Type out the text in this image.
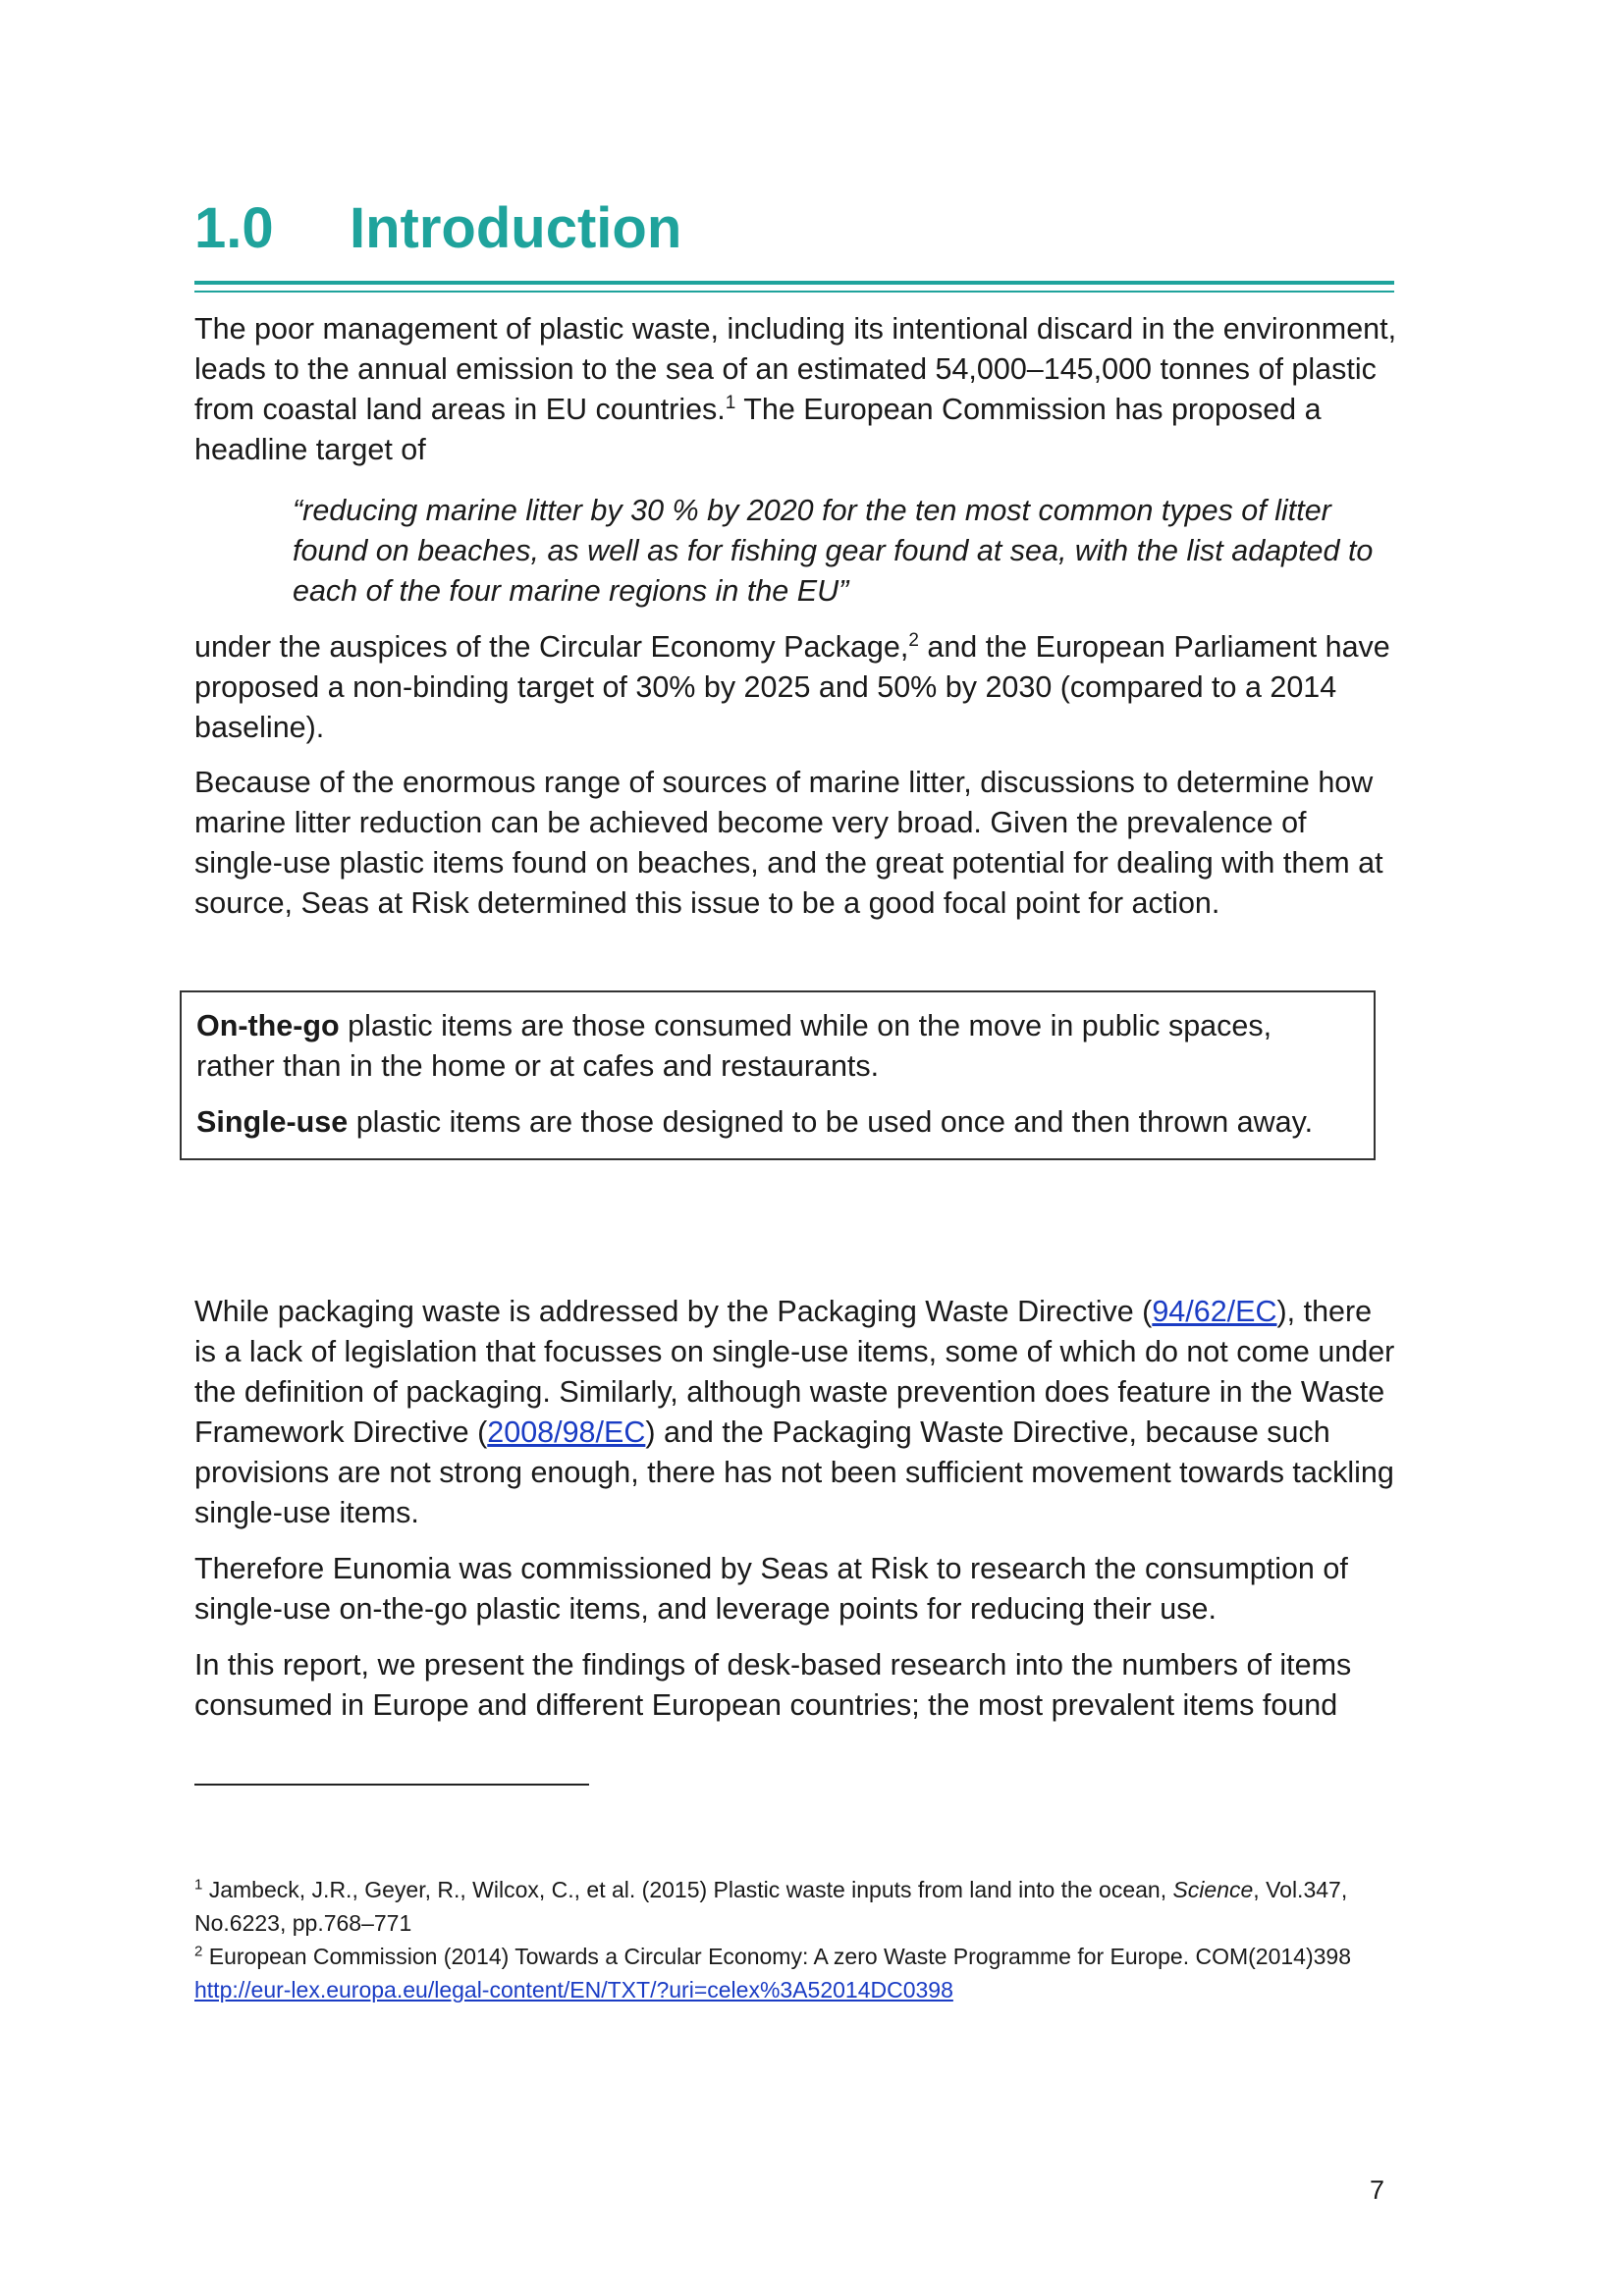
1.0 Introduction

The poor management of plastic waste, including its intentional discard in the environment, leads to the annual emission to the sea of an estimated 54,000–145,000 tonnes of plastic from coastal land areas in EU countries.$^1$ The European Commission has proposed a headline target of

“reducing marine litter by 30 % by 2020 for the ten most common types of litter found on beaches, as well as for fishing gear found at sea, with the list adapted to each of the four marine regions in the EU”

under the auspices of the Circular Economy Package,$^2$ and the European Parliament have proposed a non-binding target of 30% by 2025 and 50% by 2030 (compared to a 2014 baseline).

Because of the enormous range of sources of marine litter, discussions to determine how marine litter reduction can be achieved become very broad. Given the prevalence of single-use plastic items found on beaches, and the great potential for dealing with them at source, Seas at Risk determined this issue to be a good focal point for action.

On-the-go plastic items are those consumed while on the move in public spaces, rather than in the home or at cafes and restaurants.

Single-use plastic items are those designed to be used once and then thrown away.

While packaging waste is addressed by the Packaging Waste Directive (94/62/EC), there is a lack of legislation that focusses on single-use items, some of which do not come under the definition of packaging. Similarly, although waste prevention does feature in the Waste Framework Directive (2008/98/EC) and the Packaging Waste Directive, because such provisions are not strong enough, there has not been sufficient movement towards tackling single-use items.

Therefore Eunomia was commissioned by Seas at Risk to research the consumption of single-use on-the-go plastic items, and leverage points for reducing their use.

In this report, we present the findings of desk-based research into the numbers of items consumed in Europe and different European countries; the most prevalent items found

$^1$ Jambeck, J.R., Geyer, R., Wilcox, C., et al. (2015) Plastic waste inputs from land into the ocean, Science, Vol.347, No.6223, pp.768–771

$^2$ European Commission (2014) Towards a Circular Economy: A zero Waste Programme for Europe. COM(2014)398 http://eur-lex.europa.eu/legal-content/EN/TXT/?uri=celex%3A52014DC0398

7
